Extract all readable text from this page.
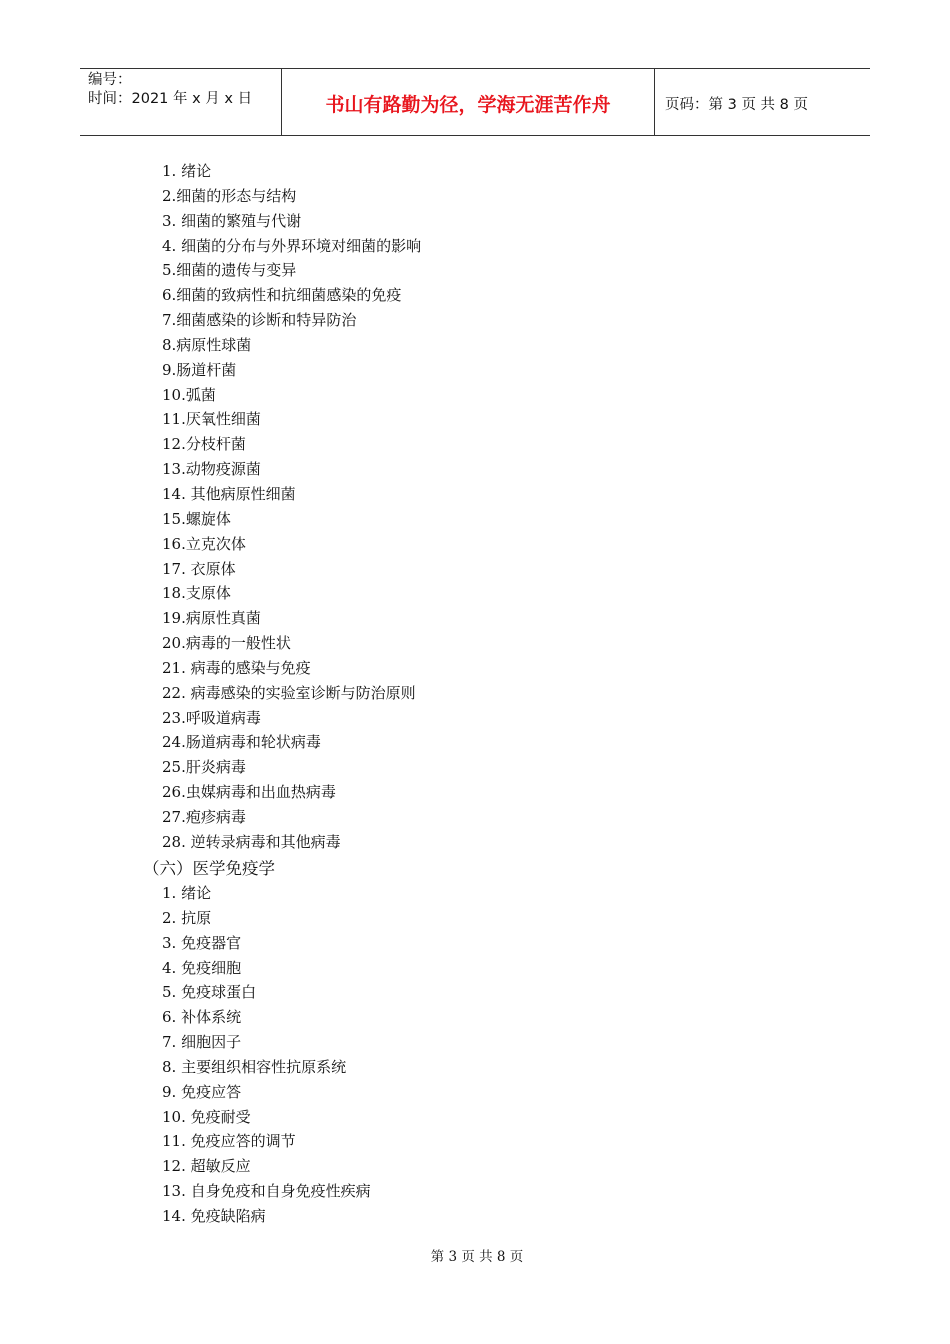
编号：
时间：2021 年 x 月 x 日	书山有路勤为径，学海无涯苦作舟	页码：第 3 页 共 8 页
1. 绪论
2.细菌的形态与结构
3. 细菌的繁殖与代谢
4. 细菌的分布与外界环境对细菌的影响
5.细菌的遗传与变异
6.细菌的致病性和抗细菌感染的免疫
7.细菌感染的诊断和特异防治
8.病原性球菌
9.肠道杆菌
10.弧菌
11.厌氧性细菌
12.分枝杆菌
13.动物疫源菌
14. 其他病原性细菌
15.螺旋体
16.立克次体
17. 衣原体
18.支原体
19.病原性真菌
20.病毒的一般性状
21. 病毒的感染与免疫
22. 病毒感染的实验室诊断与防治原则
23.呼吸道病毒
24.肠道病毒和轮状病毒
25.肝炎病毒
26.虫媒病毒和出血热病毒
27.疱疹病毒
28. 逆转录病毒和其他病毒
（六）医学免疫学
1. 绪论
2. 抗原
3. 免疫器官
4. 免疫细胞
5. 免疫球蛋白
6. 补体系统
7. 细胞因子
8. 主要组织相容性抗原系统
9. 免疫应答
10. 免疫耐受
11. 免疫应答的调节
12. 超敏反应
13. 自身免疫和自身免疫性疾病
14. 免疫缺陷病
第 3 页 共 8 页
